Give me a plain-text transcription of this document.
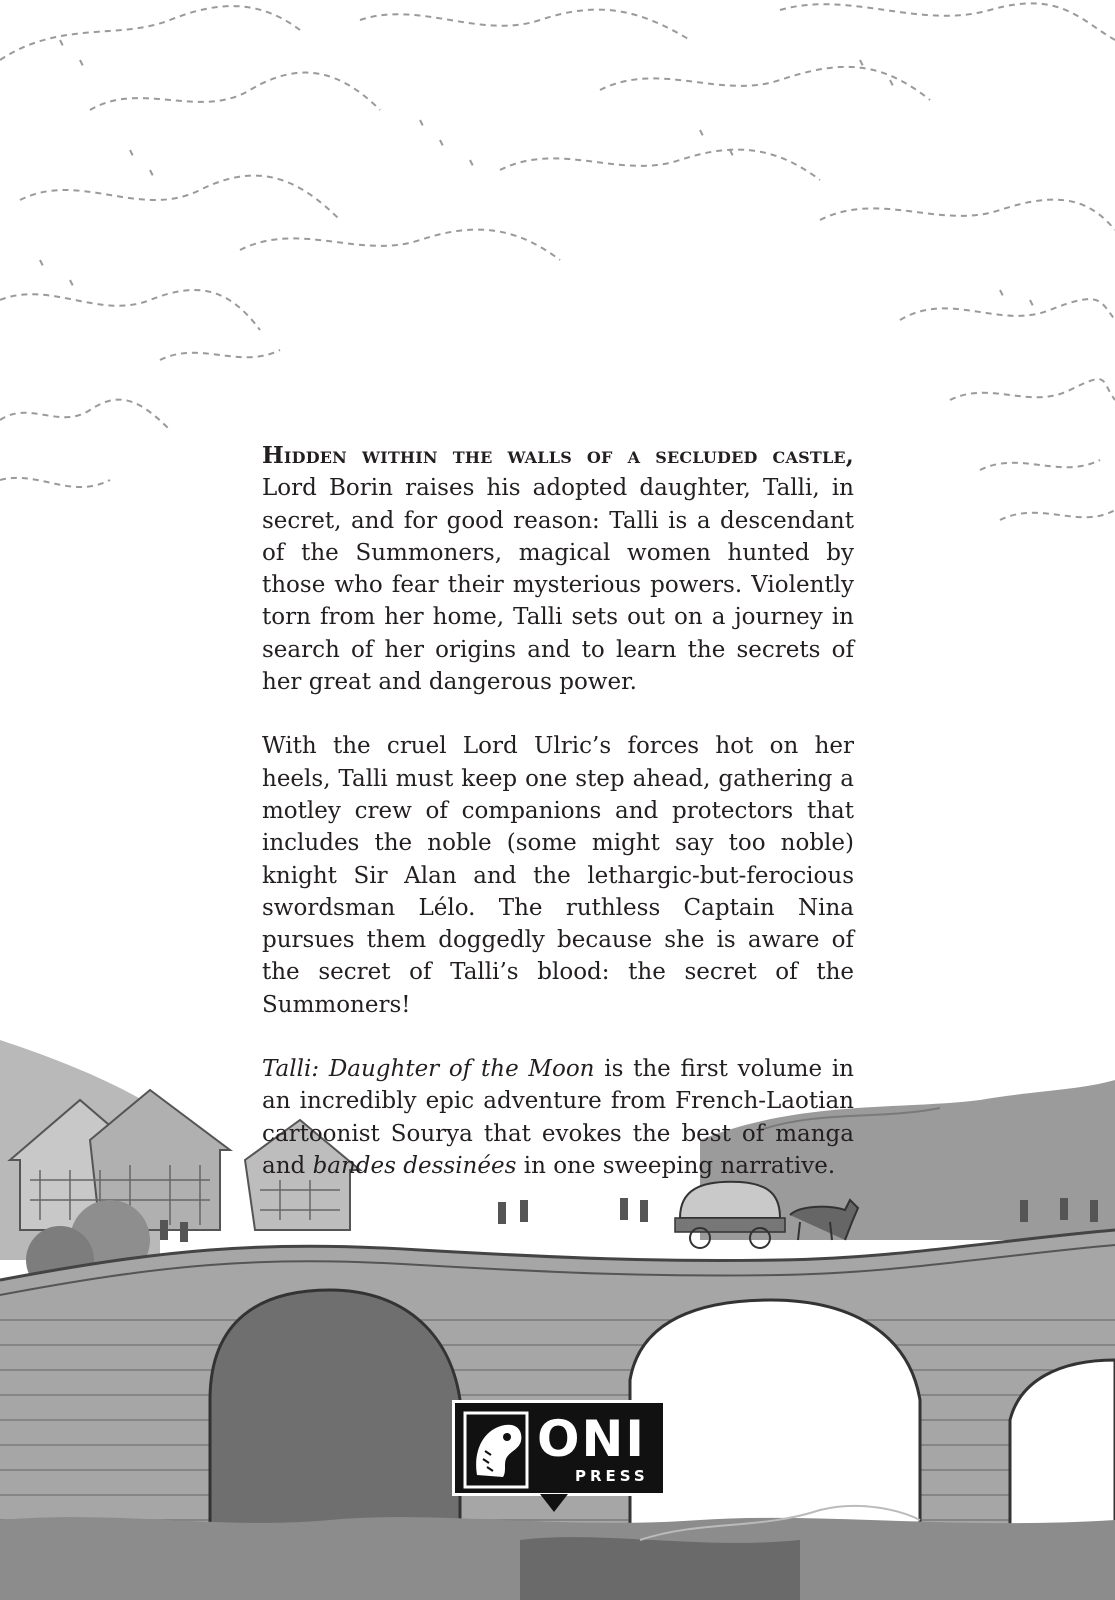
Hidden within the walls of a secluded castle, Lord Borin raises his adopted daughter, Talli, in secret, and for good reason: Talli is a descendant of the Summoners, magical women hunted by those who fear their mysterious powers. Violently torn from her home, Talli sets out on a journey in search of her origins and to learn the secrets of her great and dangerous power.

With the cruel Lord Ulric’s forces hot on her heels, Talli must keep one step ahead, gathering a motley crew of companions and protectors that includes the noble (some might say too noble) knight Sir Alan and the lethargic-but-ferocious swordsman Lélo. The ruthless Captain Nina pursues them doggedly because she is aware of the secret of Talli’s blood: the secret of the Summoners!

Talli: Daughter of the Moon is the first volume in an incredibly epic adventure from French-Laotian cartoonist Sourya that evokes the best of manga and bandes dessinées in one sweeping narrative.

ONI
PRESS
